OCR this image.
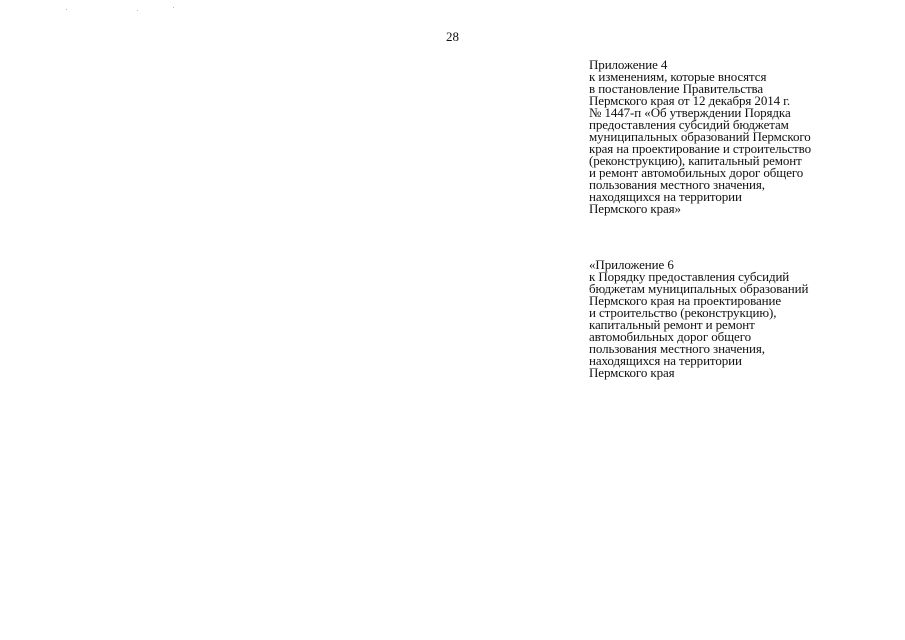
28
Приложение 4
к изменениям, которые вносятся
в постановление Правительства
Пермского края от 12 декабря 2014 г.
№ 1447-п «Об утверждении Порядка
предоставления субсидий бюджетам
муниципальных образований Пермского
края на проектирование и строительство
(реконструкцию), капитальный ремонт
и ремонт автомобильных дорог общего
пользования местного значения,
находящихся на территории
Пермского края»
«Приложение 6
к Порядку предоставления субсидий
бюджетам муниципальных образований
Пермского края на проектирование
и строительство (реконструкцию),
капитальный ремонт и ремонт
автомобильных дорог общего
пользования местного значения,
находящихся на территории
Пермского края
